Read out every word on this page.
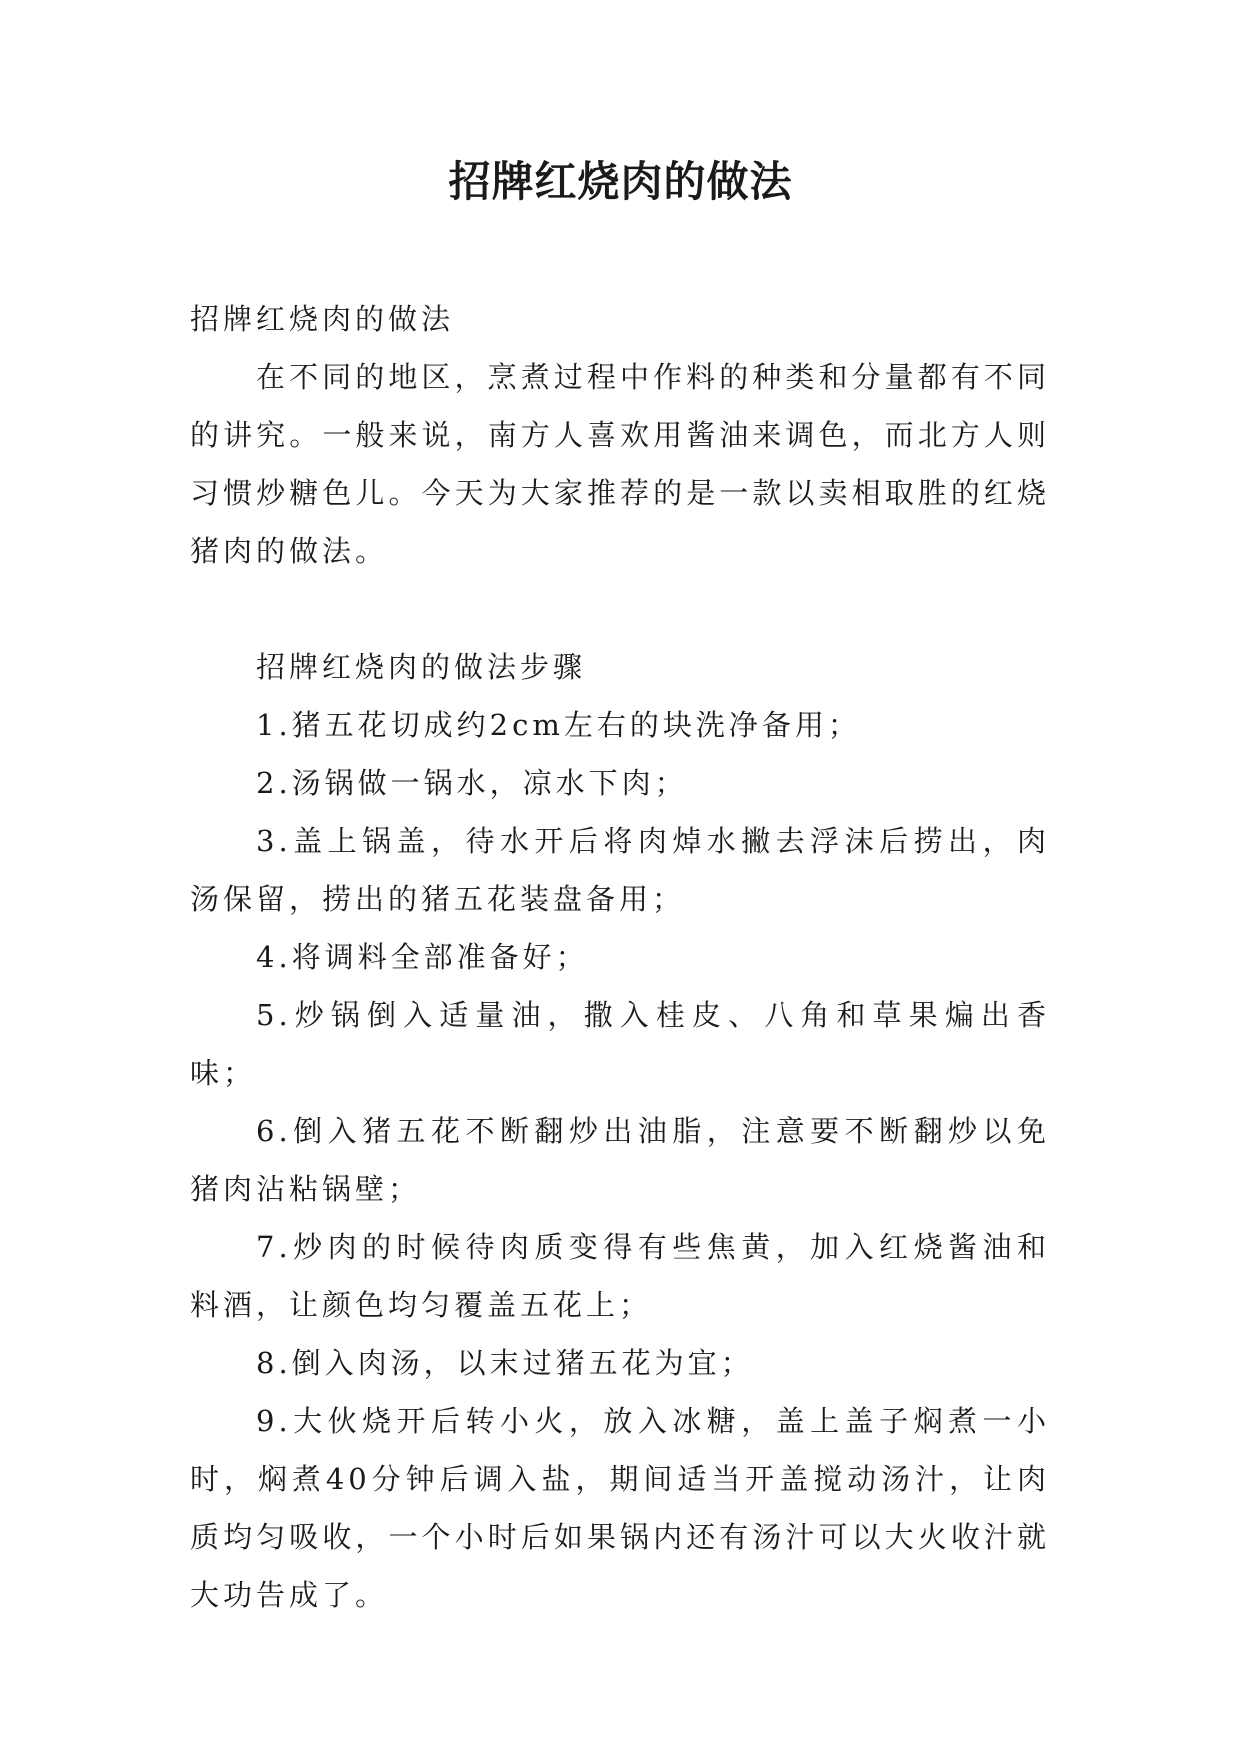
招牌红烧肉的做法

招牌红烧肉的做法

在不同的地区，烹煮过程中作料的种类和分量都有不同的讲究。一般来说，南方人喜欢用酱油来调色，而北方人则习惯炒糖色儿。今天为大家推荐的是一款以卖相取胜的红烧猪肉的做法。

招牌红烧肉的做法步骤

1.猪五花切成约2cm左右的块洗净备用；

2.汤锅做一锅水，凉水下肉；

3.盖上锅盖，待水开后将肉焯水撇去浮沫后捞出，肉汤保留，捞出的猪五花装盘备用；

4.将调料全部准备好；

5.炒锅倒入适量油，撒入桂皮、八角和草果煸出香味；

6.倒入猪五花不断翻炒出油脂，注意要不断翻炒以免猪肉沾粘锅壁；

7.炒肉的时候待肉质变得有些焦黄，加入红烧酱油和料酒，让颜色均匀覆盖五花上；

8.倒入肉汤，以末过猪五花为宜；

9.大伙烧开后转小火，放入冰糖，盖上盖子焖煮一小时，焖煮40分钟后调入盐，期间适当开盖搅动汤汁，让肉质均匀吸收，一个小时后如果锅内还有汤汁可以大火收汁就大功告成了。
